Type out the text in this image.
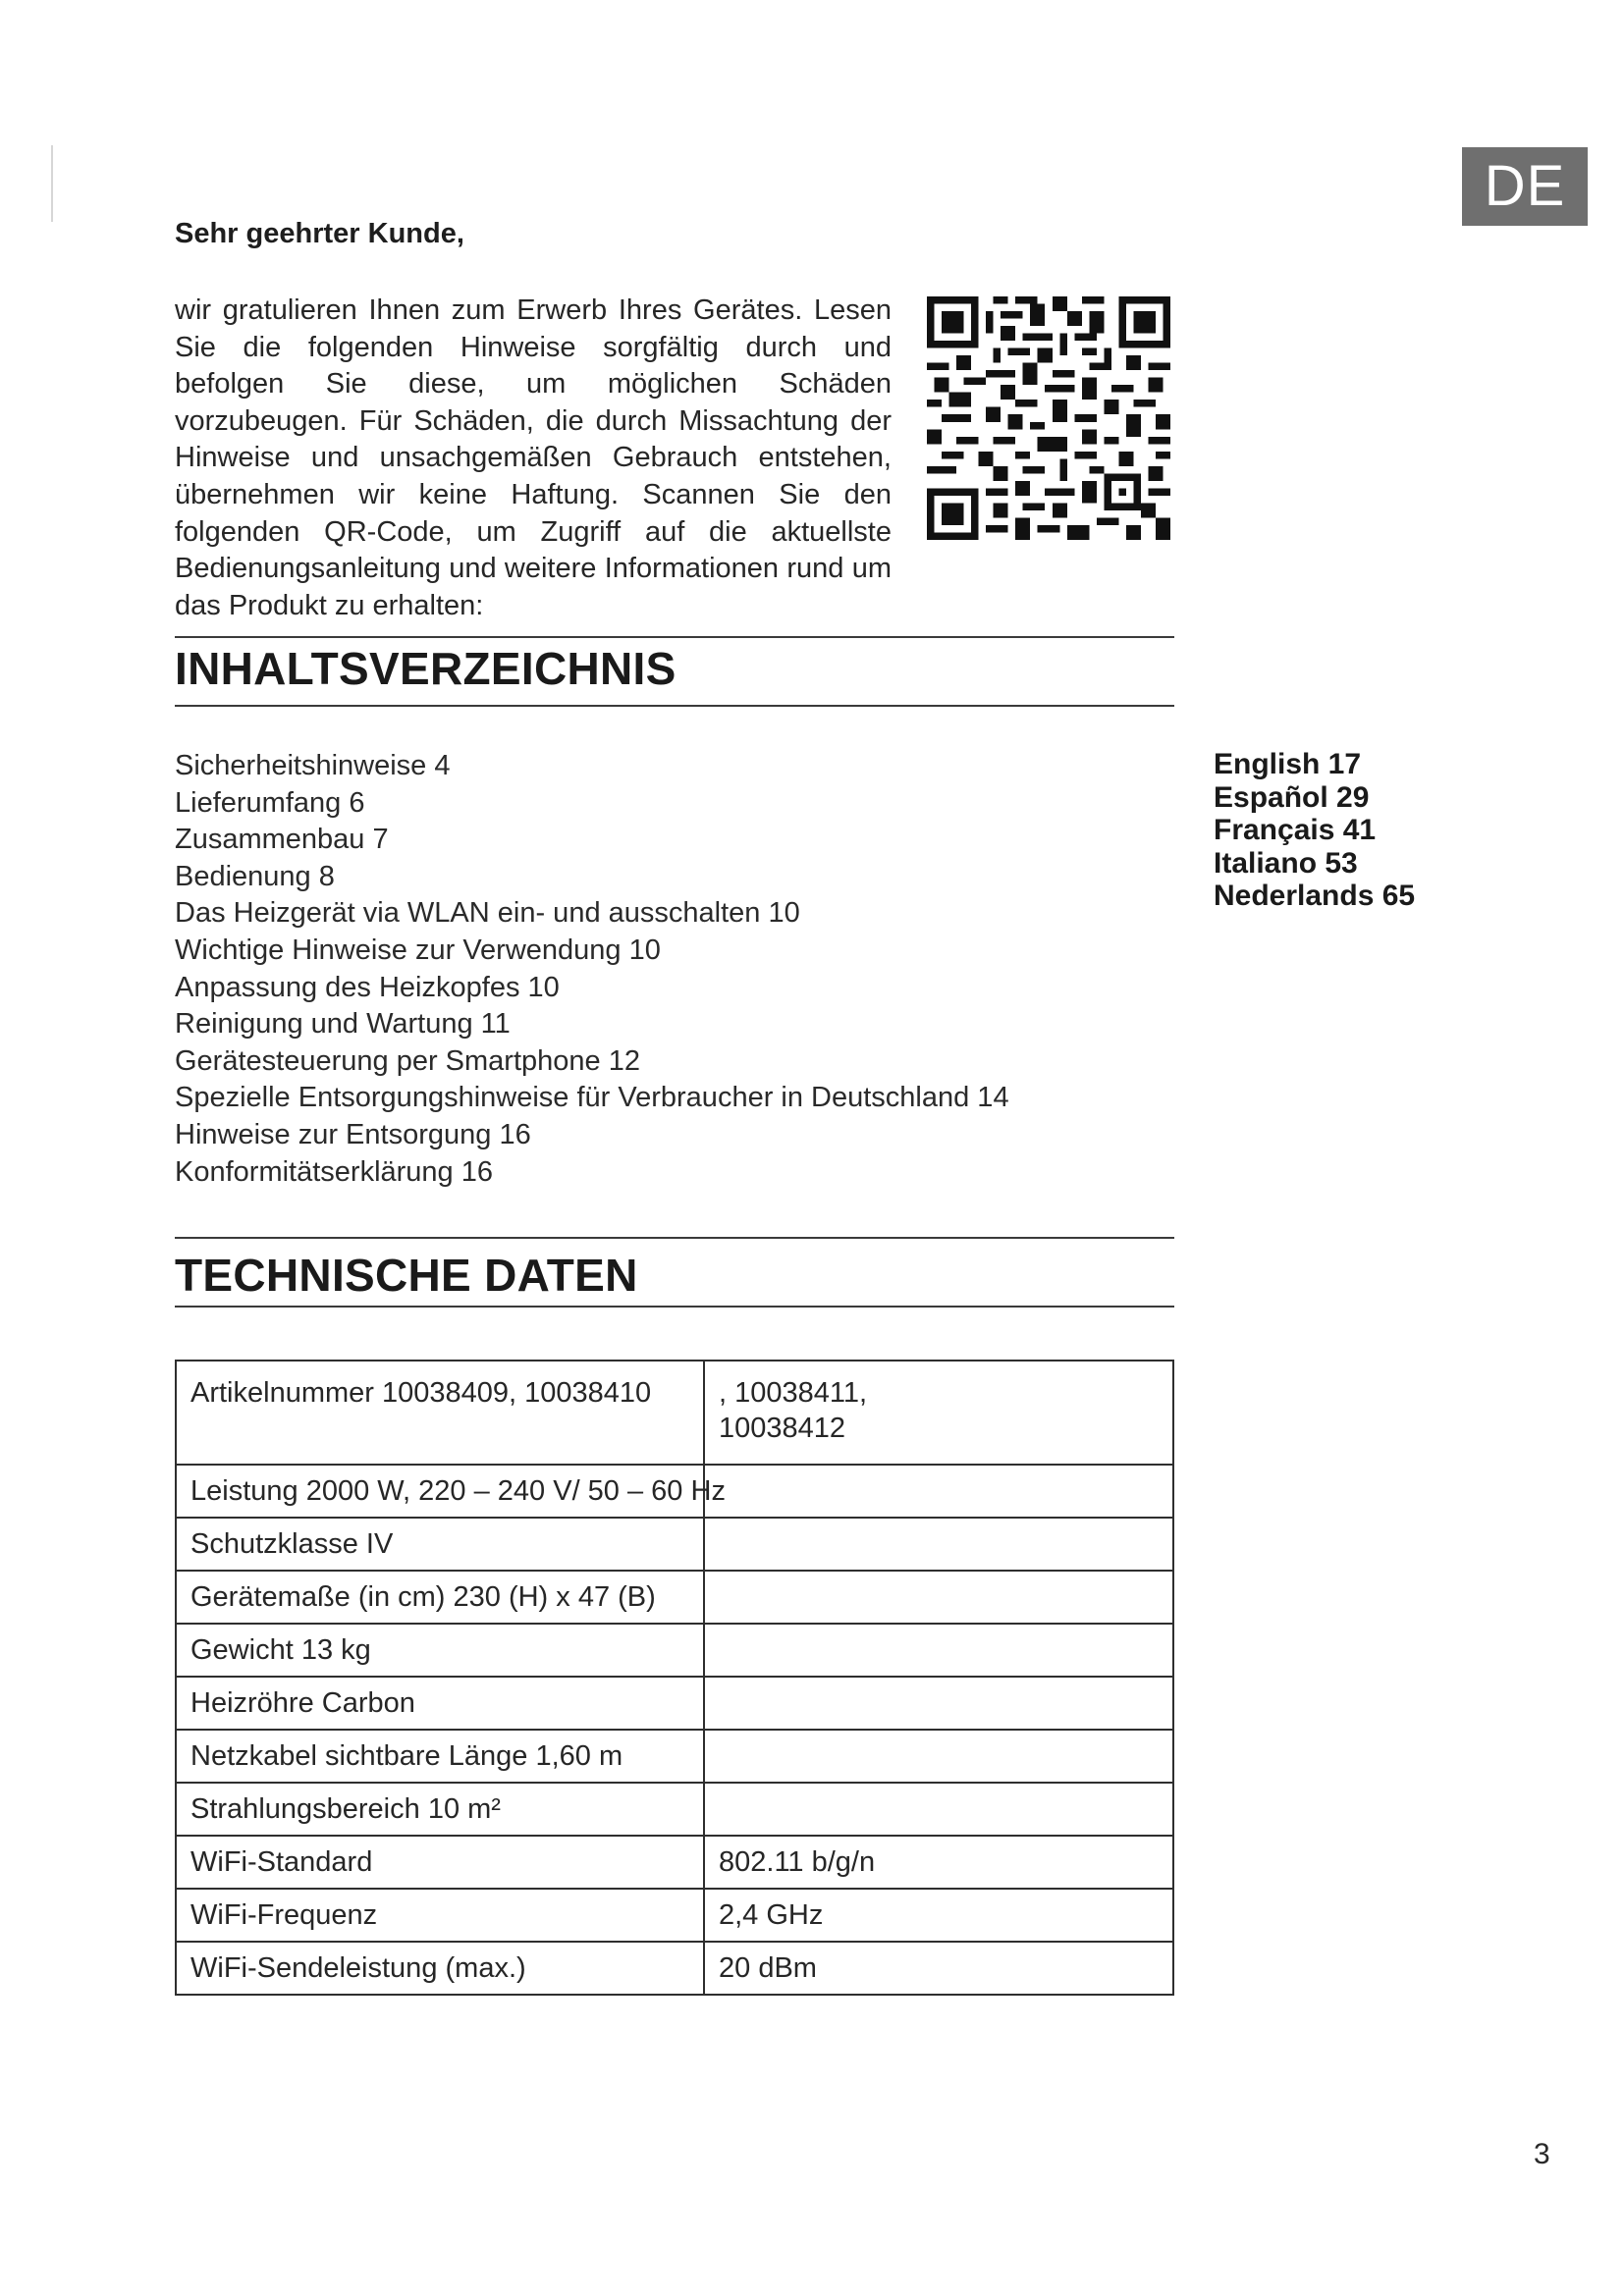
DE
Sehr geehrter Kunde,

wir gratulieren Ihnen zum Erwerb Ihres Gerätes. Lesen Sie die folgenden Hinweise sorgfältig durch und befolgen Sie diese, um möglichen Schäden vorzubeugen. Für Schäden, die durch Missachtung der Hinweise und unsachgemäßen Gebrauch entstehen, übernehmen wir keine Haftung. Scannen Sie den folgenden QR-Code, um Zugriff auf die aktuellste Bedienungsanleitung und weitere Informationen rund um das Produkt zu erhalten:

INHALTSVERZEICHNIS
Sicherheitshinweise 4
Lieferumfang 6
Zusammenbau 7
Bedienung 8
Das Heizgerät via WLAN ein- und ausschalten 10
Wichtige Hinweise zur Verwendung 10
Anpassung des Heizkopfes 10
Reinigung und Wartung 11
Gerätesteuerung per Smartphone 12
Spezielle Entsorgungshinweise für Verbraucher in Deutschland 14
Hinweise zur Entsorgung 16
Konformitätserklärung 16
English 17
Español 29
Français 41
Italiano 53
Nederlands 65
TECHNISCHE DATEN
Artikelnummer 10038409, 10038410	, 10038411,
10038412
Leistung 2000 W, 220 – 240 V/ 50 – 60 Hz	
Schutzklasse IV	
Gerätemaße (in cm) 230 (H) x 47 (B)	
Gewicht 13 kg	
Heizröhre Carbon	
Netzkabel sichtbare Länge 1,60 m	
Strahlungsbereich 10 m²	
WiFi-Standard	802.11 b/g/n
WiFi-Frequenz	2,4 GHz
WiFi-Sendeleistung (max.)	20 dBm
3
